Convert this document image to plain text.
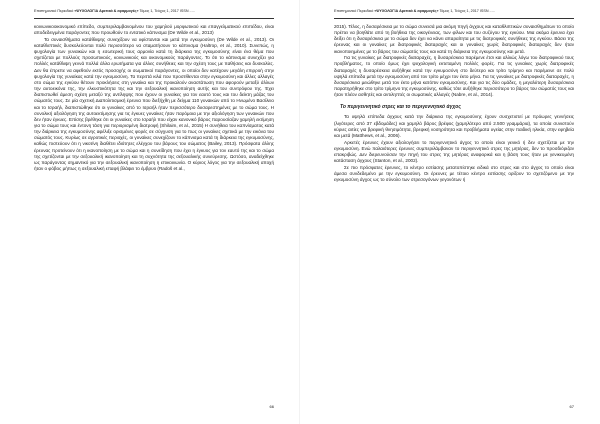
Επιστημονικό Περιοδικό «ΨΥΧΟΛΟΓΙΑ Αρετικά & εφαρμογές» Τόμος 1, Τεύχος 1, 2017 ISSN .....

κοινωνικοοικονομικό επίπεδο, συμπεριλαμβανομένου του χαμηλού μορφωτικού και επαγγελματικού επιπέδου, είναι αποδεδειγμένα παράγοντες που προωθούν το εντατικό κάπνισμα (De Wilde et al., 2013)

Τα συναισθήματα κατάθλιψης συνεχίζουν να υφίστανται και μετά την εγκυμοσύνη (De Wilde et al., 2013). Οι καταθλιπτικές δυσκολεύονται πολύ περισσότερο να σταματήσουν το κάπνισμα (Haltrop, et al., 2010). Συνεπώς, η ψυχολογία των γυναικών και η εσωτερική τους αρμονία κατά τη διάρκεια της εγκυμοσύνης είναι ένα θέμα που σχετίζεται με πολλούς προσωπικούς, κοινωνικούς και οικονομικούς παράγοντες. Το ότι το κάπνισμα συνεχίζει για πολλές κατάθλιψη γεννά πολλά άλλα ερωτήματα για άλλες συνήθειες και την σχέση τους με παθήσεις και δυσκολίες. Δεν θα έπρεπε να αφεθούν εκτός προσοχής οι σωματικοί παράγοντες, οι οποίοι δεν κατέχουν μεγάλη επιρροή στην ψυχολογία της γυναίκας κατά την εγκυμοσύνη. Τα περιττά κιλά που προστίθενται στην εγκυμοσύνη και άλλες αλλαγές στο σώμα της εγκύου θέτουν προκλήσεις στη γυναίκα και της προκαλούν αναστάτωση που αφορούν μεταξύ άλλων την αυτοεικόνα της, την ελκυστικότητα της και την σεξουαλική ικανοποίηση αυτής και του συντρόφου της. Έχει διαπιστωθεί άμεση σχέση μεταξύ της αντίληψης που έχουν οι γυναίκες για τον εαυτό τους και του δείκτη μάζας του σώματός τους. Σε μία σχετική Διαπολιτισμική έρευνα που διεξήχθη με δείγμα 110 γυναικών από το Ηνωμένο Βασίλειο και το Ισραήλ, διαπιστώθηκε ότι οι γυναίκες από το Ισραήλ ήταν περισσότερο δυσαρεστημένες με το σώμα τους. Η συνολική αξιολόγηση της αυτοεκτίμησης για τις έγκυες γυναίκες ήταν παρόμοια με την αξιολόγηση των γυναικών που δεν ήταν έγκυες. Επίσης βρέθηκε ότι οι γυναίκες στο Ισραήλ που είχαν κανονικό βάρος παρουσίαζαν χαμηλή εκτίμηση για το σώμα τους και έντονη τάση για περιορισμένη διατροφή (Shilaim, et al., 2015) Η συνήθεια του καπνίσματος κατά την διάρκεια της εγκυμοσύνης αφέλιξε ορισμένες φορές σε σύγχυση για το πως οι γυναίκες σχετικά με την εικόνα του σώματός τους. Κυρίως σε αγροτικές περιοχές, οι γυναίκες συνεχίζουν το κάπνισμα κατά τη διάρκεια της εγκυμοσύνης, καθώς πιστεύουν ότι η νικοτίνη διαθέτει ιδιότητες ελέγχου του βάρους του σώματος (Bailey, 2013). Πρόσφατα άλλης έρευνας προτείνουν ότι η ικανοποίηση με το σώμα και η συνείδηση που έχει η έγκυος για τον εαυτό της και το σώμα της σχετίζονται με την σεξουαλική ικανοποίηση και τη συχνότητα της σεξουαλικής συνεύρεσης. Ωστόσο, αναδείχθηκε ως παράγοντας σημαντικό για την σεξουαλική ικανοποίηση η επικοινωνία. Ο κύριος λόγος για την σεξουαλική αποχή ήταν ο φόβος μήπως η σεξουαλική επαφή βλάψει το έμβρυο (Radoš et al.,

66
Επιστημονικό Περιοδικό «ΨΥΧΟΛΟΓΙΑ Αρετικά & εφαρμογές» Τόμος 1, Τεύχος 1, 2017 ISSN .....

2015). Τέλος, η δυσαρέσκεια με το σώμα συνεισά μια ακόμη πηγή άγχους και καταθλιπτικών συναισθημάτων το οποίο πρέπει να βοηθάτε από τη βοήθεια της οικογένειας, των φίλων και του συζύγου της εγκύου. Μια ακόμα έρευνα έχει δείξει ότι η δυσαρέσκεια με το σώμα δεν έχει να κάνει απαραίτητα με τις διατροφικές συνήθειες της εγκύου. Βάσει της έρευνας και οι γυναίκες με διατροφικές διαταραχές και οι γυναίκες χωρίς διατροφικές διαταραχές δεν ήταν ικανοποιημένες με το βάρος του σώματός τους και κατά τη διάρκεια της εγκυμοσύνης και μετά.

Για τις γυναίκες με διατροφικές διαταραχές, η δυσαρέσκεια παρέμενε έτσι και αλλιώς λόγω του διατροφικού τους προβλήματος, το οποίο όμως έχει ψυχολογική εκτεταμένη πολλές φορές. Για τις γυναίκες χωρίς διατροφικές διαταραχές η δυσαρέσκεια αυξήθηκε κατά την εγκυμοσύνη στο δεύτερο και τρίτο τρίμηνο και παρέμεινε σε πολύ υψηλά επίπεδα μετά την εγκυμοσύνη από τον τρίτο μέχρι τον έκτο μήνα. Για τις γυναίκες με διατροφικές διαταραχές, η δυσαρέσκεια μειώθηκε μετά τον έκτο μήνα κατόπιν εγκυμοσύνης. Και για τις δύο ομάδες, η μεγαλύτερη δυσαρέσκεια παρατηρήθηκε στο τρίτο τρίμηνο της εγκυμοσύνης, καθώς τότε αυξήθηκε περισσότερο το βάρος του σώματός τους και ήταν πλέον ασθητές και αντιληπτές οι σωματικές αλλαγές (Nabre, et al., 2014).

Το περιγεννητικό στρες και το περιγεννητικό άγχος

Τα υψηλά επίπεδα άγχους κατά την διάρκεια της εγκυμοσύνης έχουν συσχετιστεί με πρόωρες γεννήσεις (λιγότερες από 37 εβδομάδες) και χαμηλό βάρος βρέφος (χαμηλότερο από 2.500 γραμμάρια), τα οποία συνιστούν κύριες αιτίες για βρεφική θνησιμότητα, βρεφική νοσηρότητα και προβλήματα υγείας στην παιδική ηλικία, στην εφηβεία και μετά (Matthews, et al., 2006).

Αρκετές έρευνες έχουν αξιολογήσει το περιγεννητικό άγχος το οποίο είναι γενικό ή δεν σχετίζεται με την εγκυμοσύνη. Ενώ παλαιότερες έρευνες συμπεριλάμβαναν το περιγεννητικό στρες της μητέρας, δεν το προσδιόριζαν επακριβώς. Δεν διερευνούσαν την πηγή του στρες της μητέρας αναφορικά και η βάση τους ήταν με γενικευμένη κατάσταση άγχους (Stanton, et al., 2002).

Σε πιο πρόσφατες έρευνες, το κέντρο εστίασης μετατοπίστηκε ειδικά στο στρες και στο άγχος το οποίο είναι άμεσα συνδεδεμένο με την εγκυμοσύνη. Οι έρευνες με τέτοιο κέντρο εστίασης ορίζουν το σχετιζόμενο με την εγκυμοσύνη άγχος ως το σύνολο των στρεσογόνων γεγονότων ή

67
